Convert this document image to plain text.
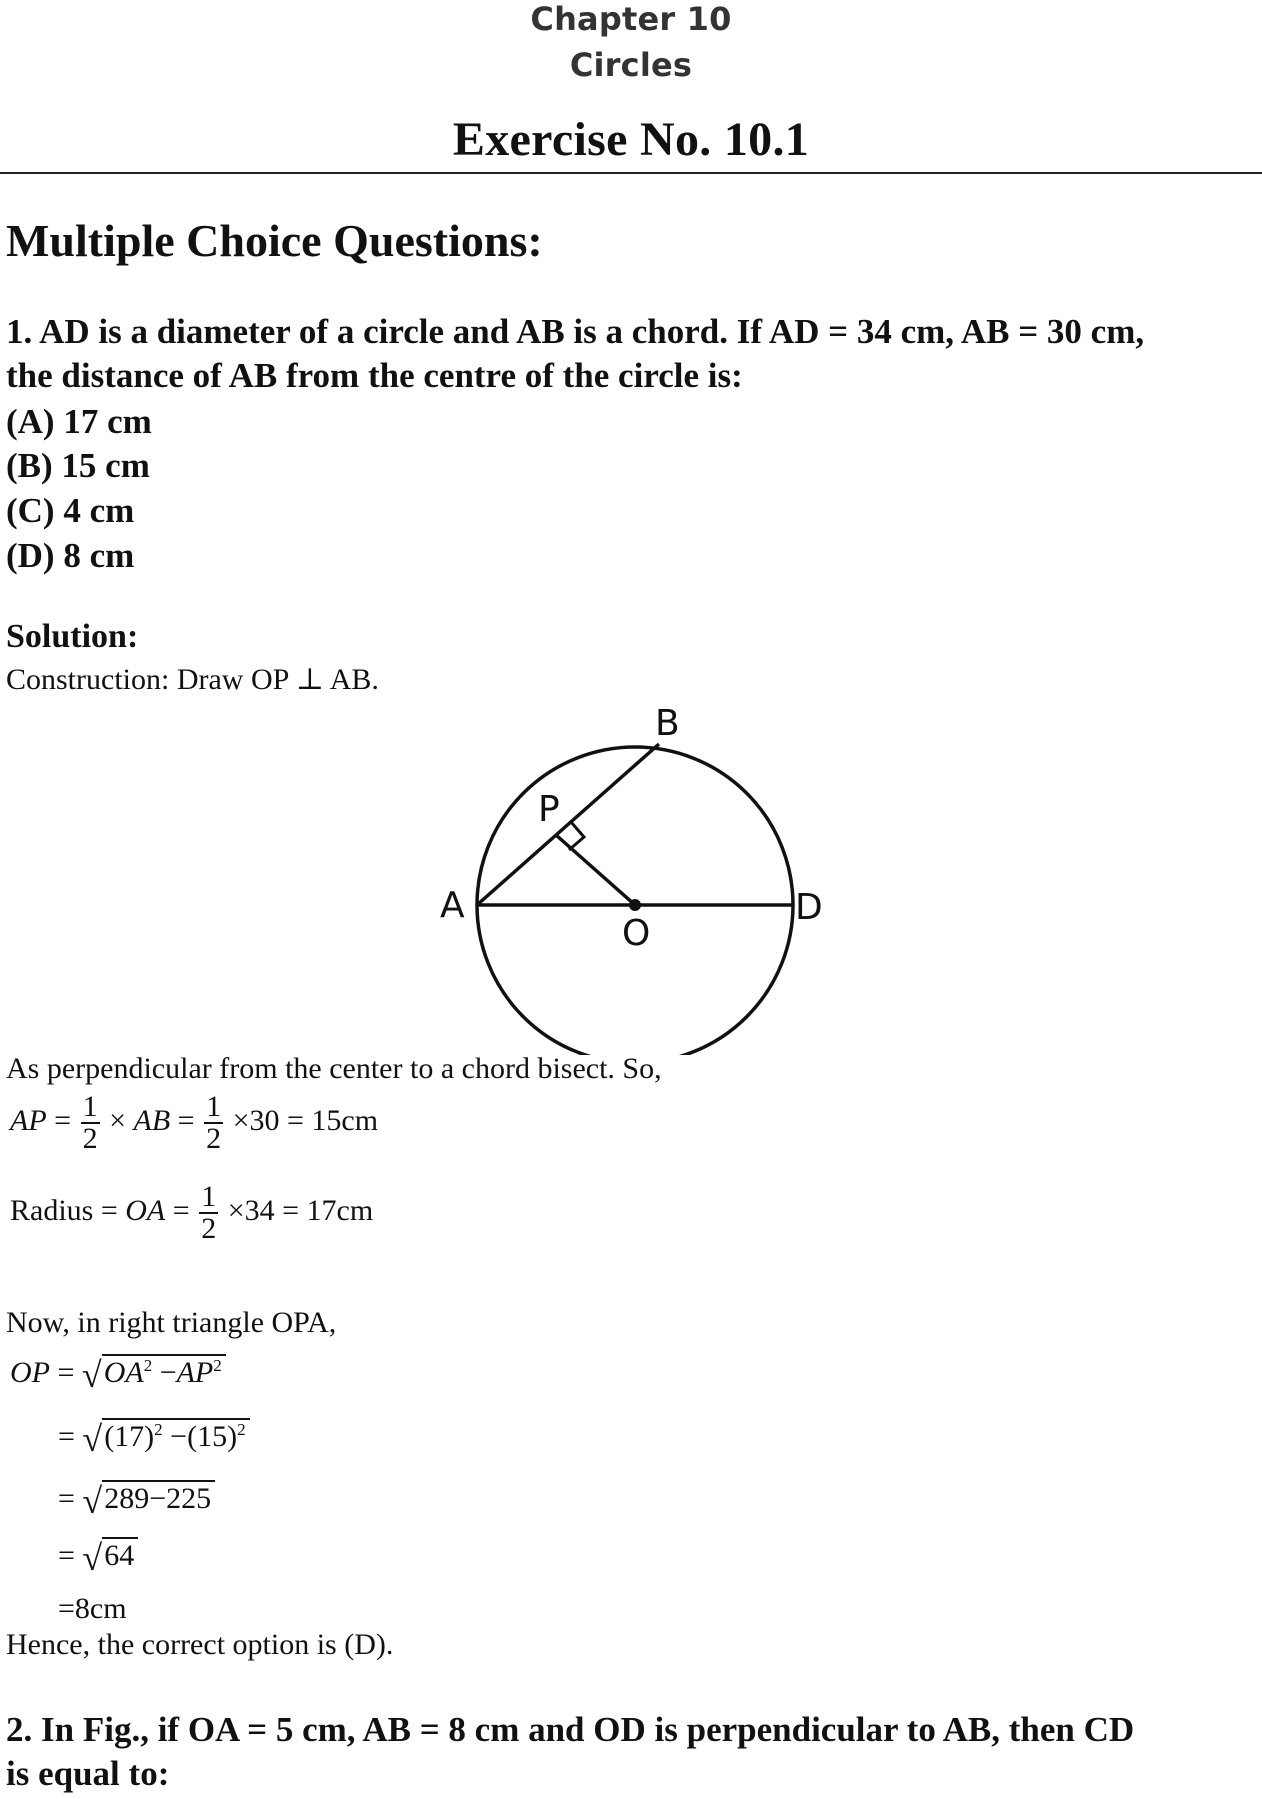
Chapter 10
Circles
Exercise No. 10.1
Multiple Choice Questions:
1. AD is a diameter of a circle and AB is a chord. If AD = 34 cm, AB = 30 cm,
the distance of AB from the centre of the circle is:
(A) 17 cm
(B) 15 cm
(C) 4 cm
(D) 8 cm
Solution:
Construction: Draw OP ⊥ AB.
A
B
D
O
P
As perpendicular from the center to a chord bisect. So,
AP = $\frac{1}{2}$ × AB = $\frac{1}{2} \times 30 = 15cm$
Radius = OA = $\frac{1}{2} \times 34 = 17cm$
Now, in right triangle OPA,
OP = $√OA^2 -AP^2$
= $√(17)^2 -(15)^2$
= √289−225
= √64
=8cm
Hence, the correct option is (D).
2. In Fig., if OA = 5 cm, AB = 8 cm and OD is perpendicular to AB, then CD
is equal to:
